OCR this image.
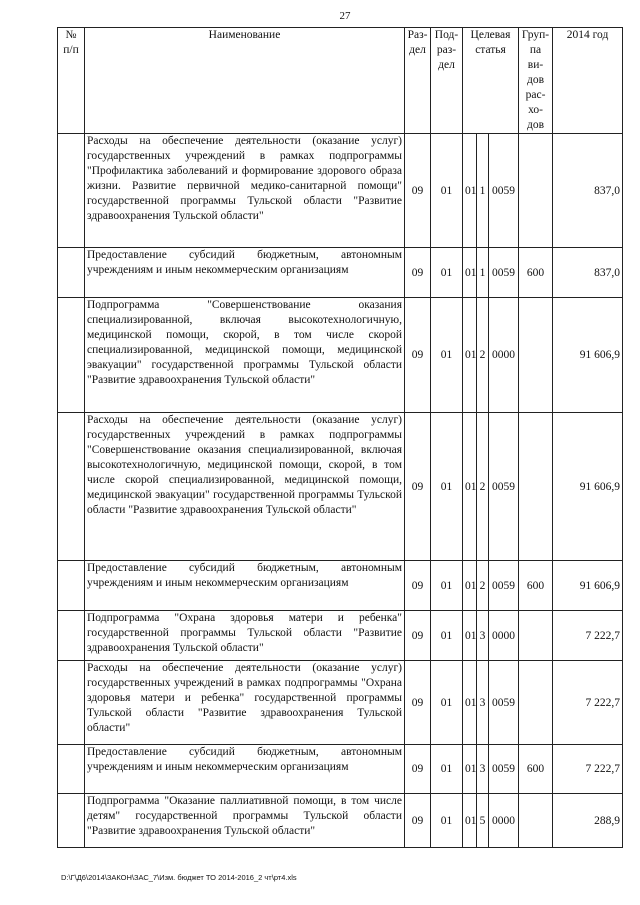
27
№ п/п	Наименование	Раз-дел	Под-раз-дел	Целевая статья			Груп-па ви-дов рас-хо-дов	2014 год
	Расходы на обеспечение деятельности (оказание услуг) государственных учреждений в рамках подпрограммы "Профилактика заболеваний и формирование здорового образа жизни. Развитие первичной медико-санитарной помощи" государственной программы Тульской области "Развитие здравоохранения Тульской области"	09	01	01	1	0059		837,0
	Предоставление субсидий бюджетным, автономным учреждениям и иным некоммерческим организациям	09	01	01	1	0059	600	837,0
	Подпрограмма "Совершенствование оказания специализированной, включая высокотехнологичную, медицинской помощи, скорой, в том числе скорой специализированной, медицинской помощи, медицинской эвакуации" государственной программы Тульской области "Развитие здравоохранения Тульской области"	09	01	01	2	0000		91 606,9
	Расходы на обеспечение деятельности (оказание услуг) государственных учреждений в рамках подпрограммы "Совершенствование оказания специализированной, включая высокотехнологичную, медицинской помощи, скорой, в том числе скорой специализированной, медицинской помощи, медицинской эвакуации" государственной программы Тульской области "Развитие здравоохранения Тульской области"	09	01	01	2	0059		91 606,9
	Предоставление субсидий бюджетным, автономным учреждениям и иным некоммерческим организациям	09	01	01	2	0059	600	91 606,9
	Подпрограмма "Охрана здоровья матери и ребенка" государственной программы Тульской области "Развитие здравоохранения Тульской области"	09	01	01	3	0000		7 222,7
	Расходы на обеспечение деятельности (оказание услуг) государственных учреждений в рамках подпрограммы "Охрана здоровья матери и ребенка" государственной программы Тульской области "Развитие здравоохранения Тульской области"	09	01	01	3	0059		7 222,7
	Предоставление субсидий бюджетным, автономным учреждениям и иным некоммерческим организациям	09	01	01	3	0059	600	7 222,7
	Подпрограмма "Оказание паллиативной помощи, в том числе детям" государственной программы Тульской области "Развитие здравоохранения Тульской области"	09	01	01	5	0000		288,9
D:\Г\Д6\2014\ЗАКОН\ЗАС_7\Изм. бюджет ТО 2014-2016_2 чт\рт4.xls
